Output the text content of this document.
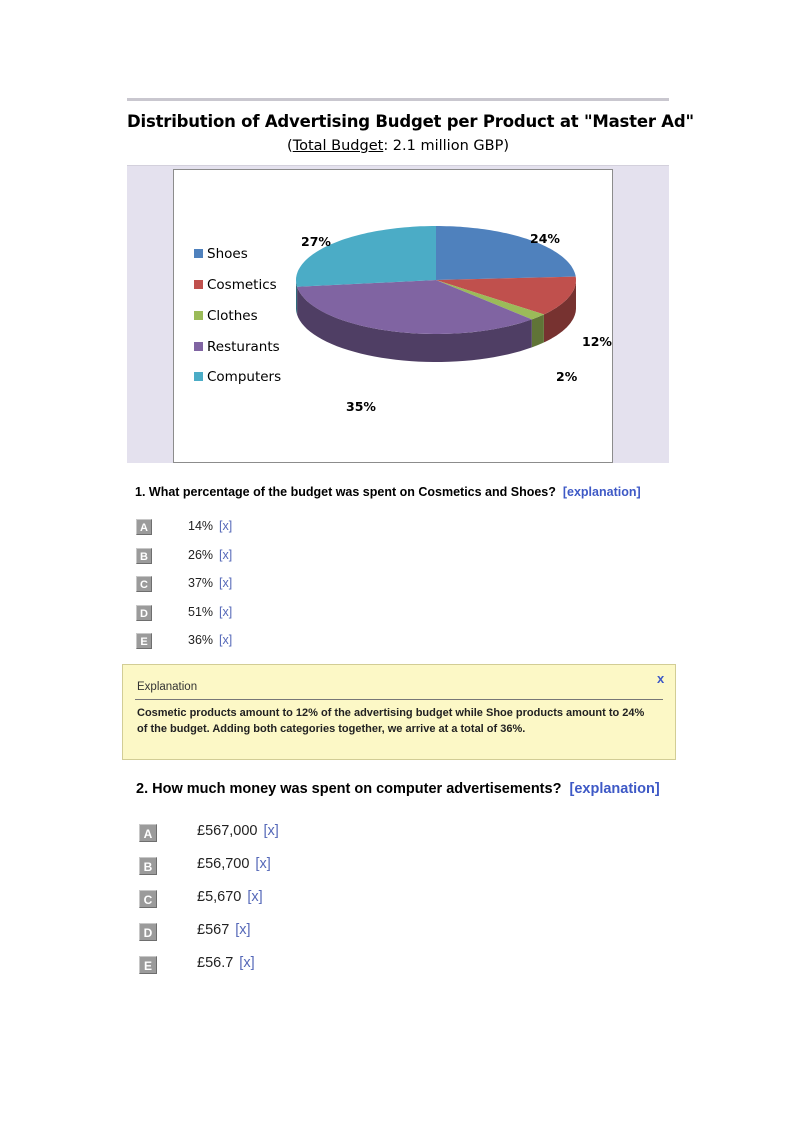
Distribution of Advertising Budget per Product at "Master Ad"
(Total Budget: 2.1 million GBP)
Shoes
Cosmetics
Clothes
Resturants
Computers
24%
12%
2%
35%
27%
1. What percentage of the budget was spent on Cosmetics and Shoes? [explanation]
A	14% [x]
B	26% [x]
C	37% [x]
D	51% [x]
E	36% [x]
Explanation
x
Cosmetic products amount to 12% of the advertising budget while Shoe products amount to 24% of the budget. Adding both categories together, we arrive at a total of 36%.
2. How much money was spent on computer advertisements? [explanation]
A	£567,000 [x]
B	£56,700 [x]
C	£5,670 [x]
D	£567 [x]
E	£56.7 [x]
